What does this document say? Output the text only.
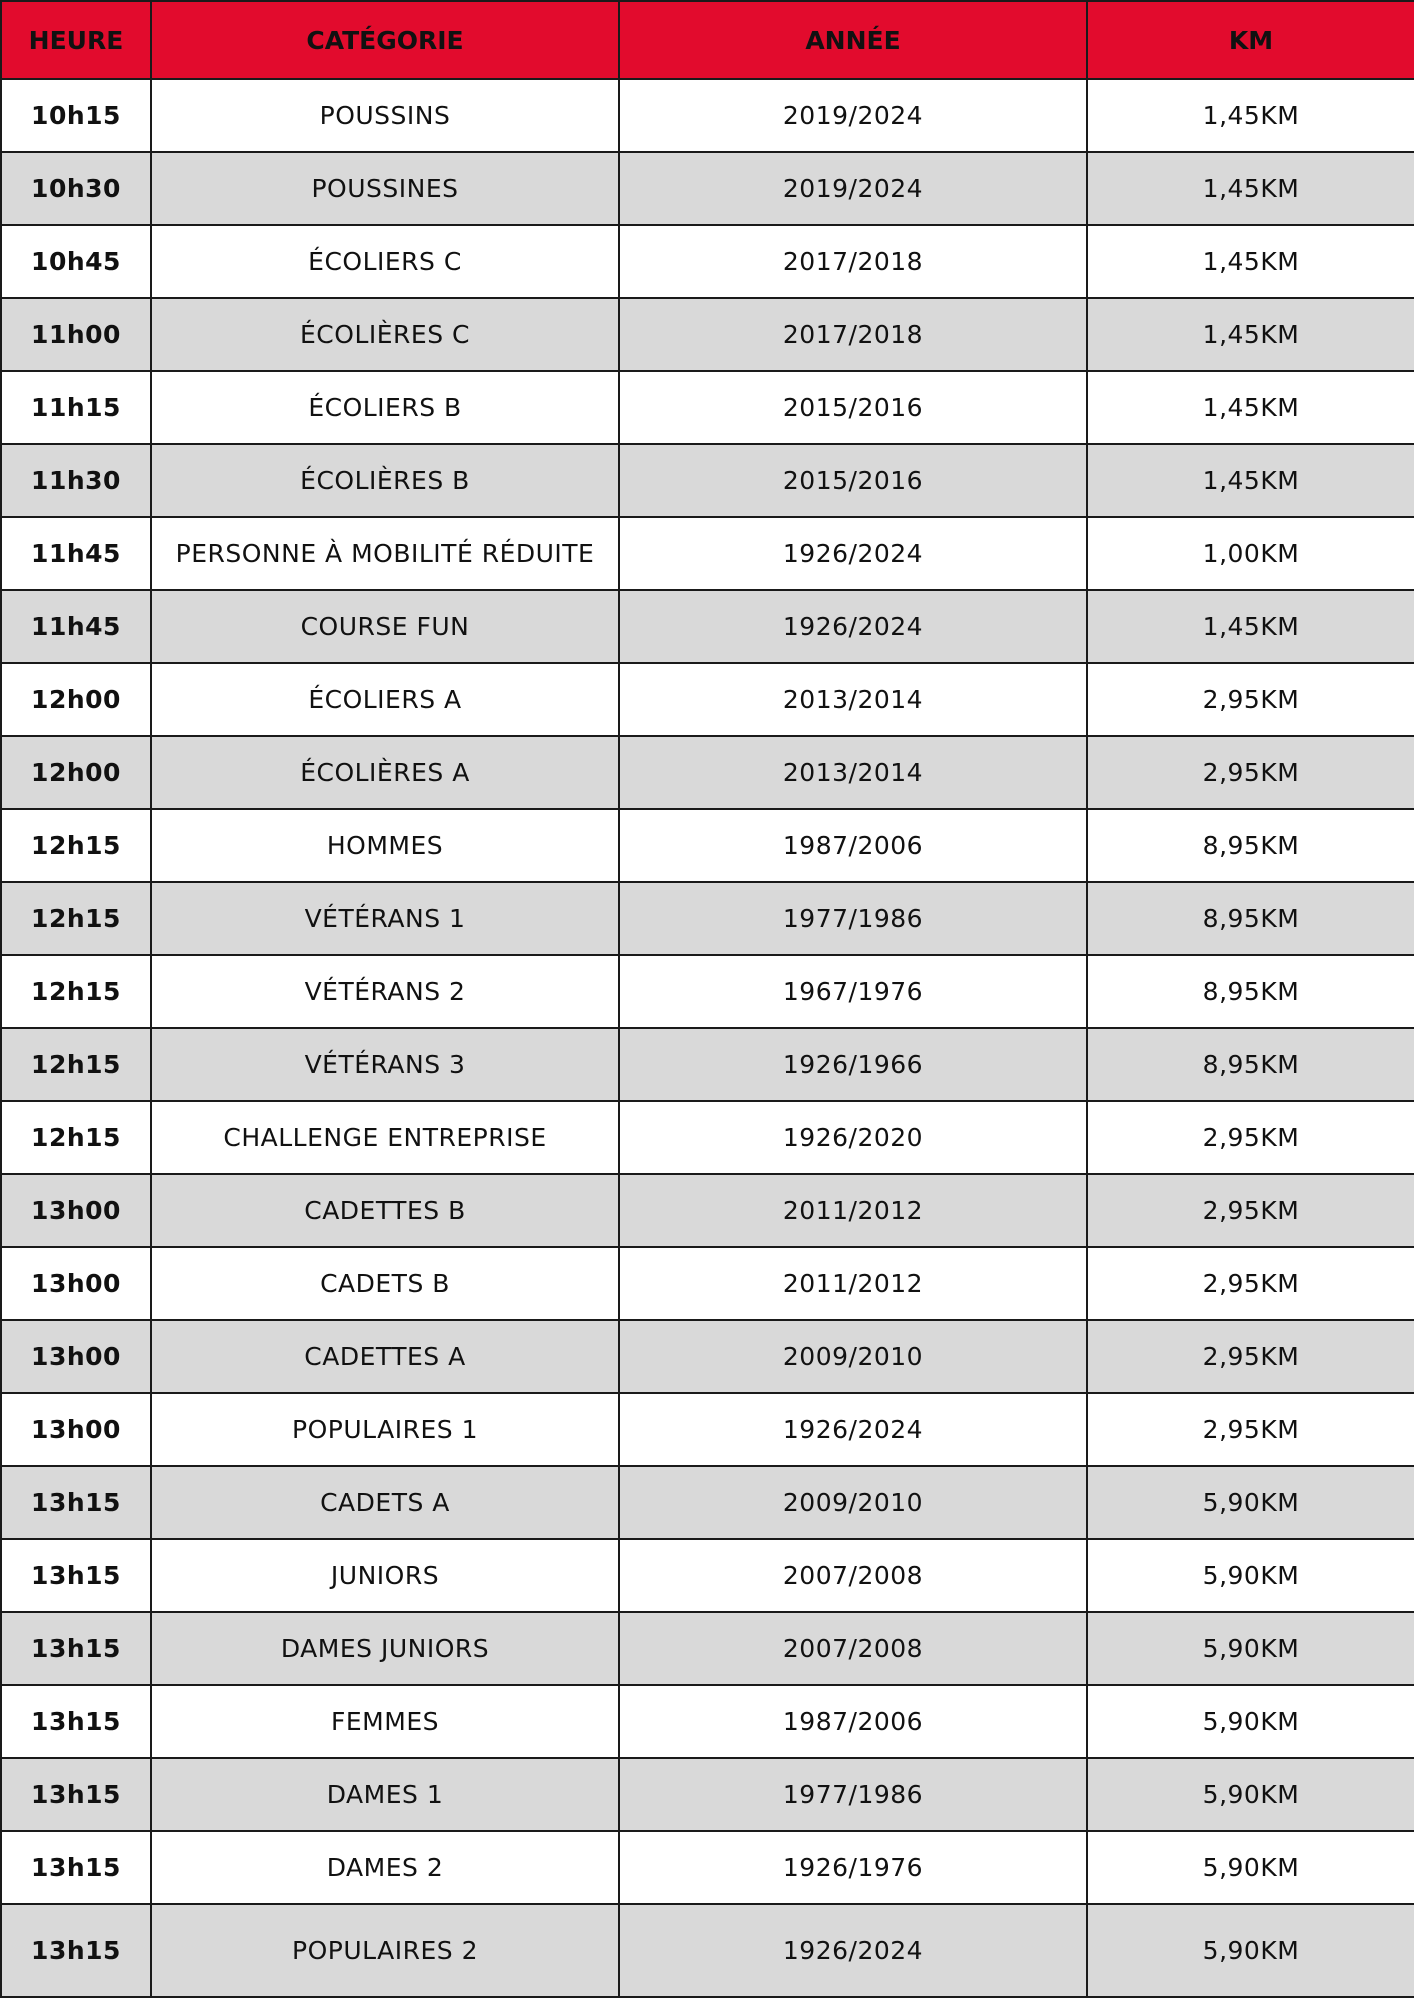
HEURE	CATÉGORIE	ANNÉE	KM
10h15	POUSSINS	2019/2024	1,45KM
10h30	POUSSINES	2019/2024	1,45KM
10h45	ÉCOLIERS C	2017/2018	1,45KM
11h00	ÉCOLIÈRES C	2017/2018	1,45KM
11h15	ÉCOLIERS B	2015/2016	1,45KM
11h30	ÉCOLIÈRES B	2015/2016	1,45KM
11h45	PERSONNE À MOBILITÉ RÉDUITE	1926/2024	1,00KM
11h45	COURSE FUN	1926/2024	1,45KM
12h00	ÉCOLIERS A	2013/2014	2,95KM
12h00	ÉCOLIÈRES A	2013/2014	2,95KM
12h15	HOMMES	1987/2006	8,95KM
12h15	VÉTÉRANS 1	1977/1986	8,95KM
12h15	VÉTÉRANS 2	1967/1976	8,95KM
12h15	VÉTÉRANS 3	1926/1966	8,95KM
12h15	CHALLENGE ENTREPRISE	1926/2020	2,95KM
13h00	CADETTES B	2011/2012	2,95KM
13h00	CADETS B	2011/2012	2,95KM
13h00	CADETTES A	2009/2010	2,95KM
13h00	POPULAIRES 1	1926/2024	2,95KM
13h15	CADETS A	2009/2010	5,90KM
13h15	JUNIORS	2007/2008	5,90KM
13h15	DAMES JUNIORS	2007/2008	5,90KM
13h15	FEMMES	1987/2006	5,90KM
13h15	DAMES 1	1977/1986	5,90KM
13h15	DAMES 2	1926/1976	5,90KM
13h15	POPULAIRES 2	1926/2024	5,90KM
